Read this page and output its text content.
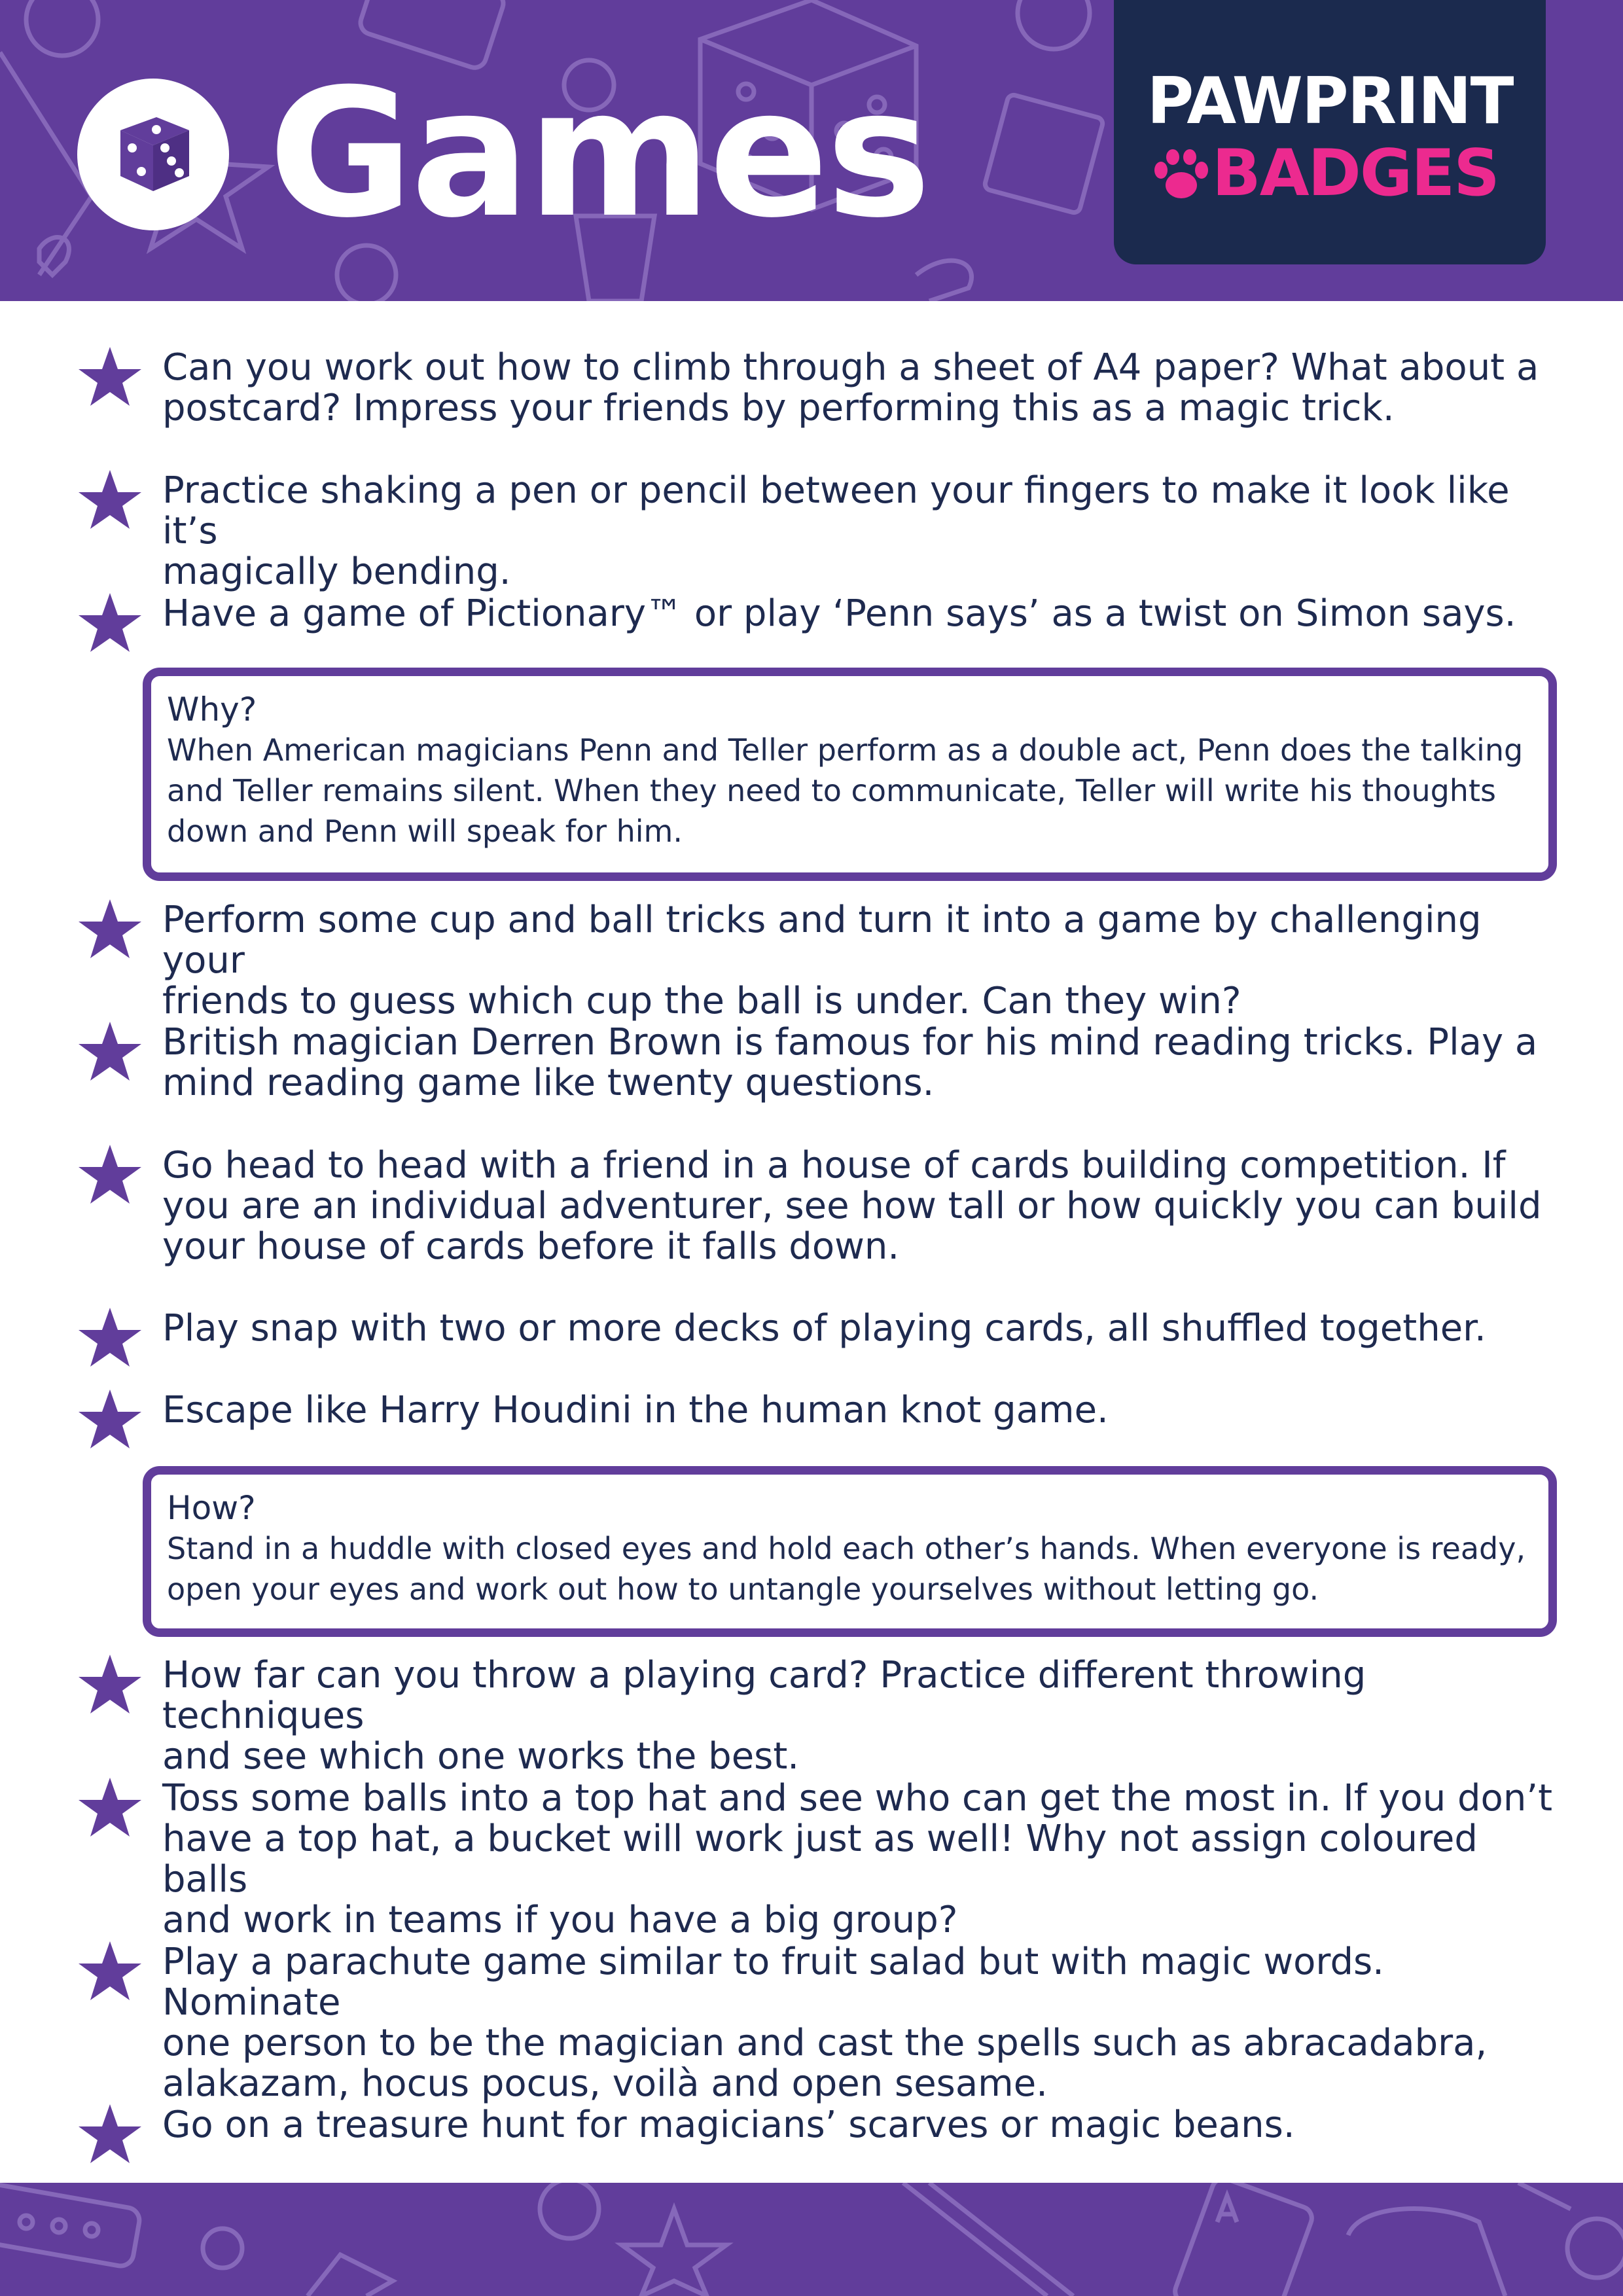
Games	PAWPRINT
BADGES
Can you work out how to climb through a sheet of A4 paper? What about a
postcard? Impress your friends by performing this as a magic trick.
Practice shaking a pen or pencil between your fingers to make it look like it’s
magically bending.
Have a game of Pictionary™ or play ‘Penn says’ as a twist on Simon says.
Why?
When American magicians Penn and Teller perform as a double act, Penn does the talking
and Teller remains silent. When they need to communicate, Teller will write his thoughts
down and Penn will speak for him.
Perform some cup and ball tricks and turn it into a game by challenging your
friends to guess which cup the ball is under. Can they win?
British magician Derren Brown is famous for his mind reading tricks. Play a
mind reading game like twenty questions.
Go head to head with a friend in a house of cards building competition. If
you are an individual adventurer, see how tall or how quickly you can build
your house of cards before it falls down.
Play snap with two or more decks of playing cards, all shuffled together.
Escape like Harry Houdini in the human knot game.
How?
Stand in a huddle with closed eyes and hold each other’s hands. When everyone is ready,
open your eyes and work out how to untangle yourselves without letting go.
How far can you throw a playing card? Practice different throwing techniques
and see which one works the best.
Toss some balls into a top hat and see who can get the most in. If you don’t
have a top hat, a bucket will work just as well! Why not assign coloured balls
and work in teams if you have a big group?
Play a parachute game similar to fruit salad but with magic words. Nominate
one person to be the magician and cast the spells such as abracadabra,
alakazam, hocus pocus, voilà and open sesame.
Go on a treasure hunt for magicians’ scarves or magic beans.
